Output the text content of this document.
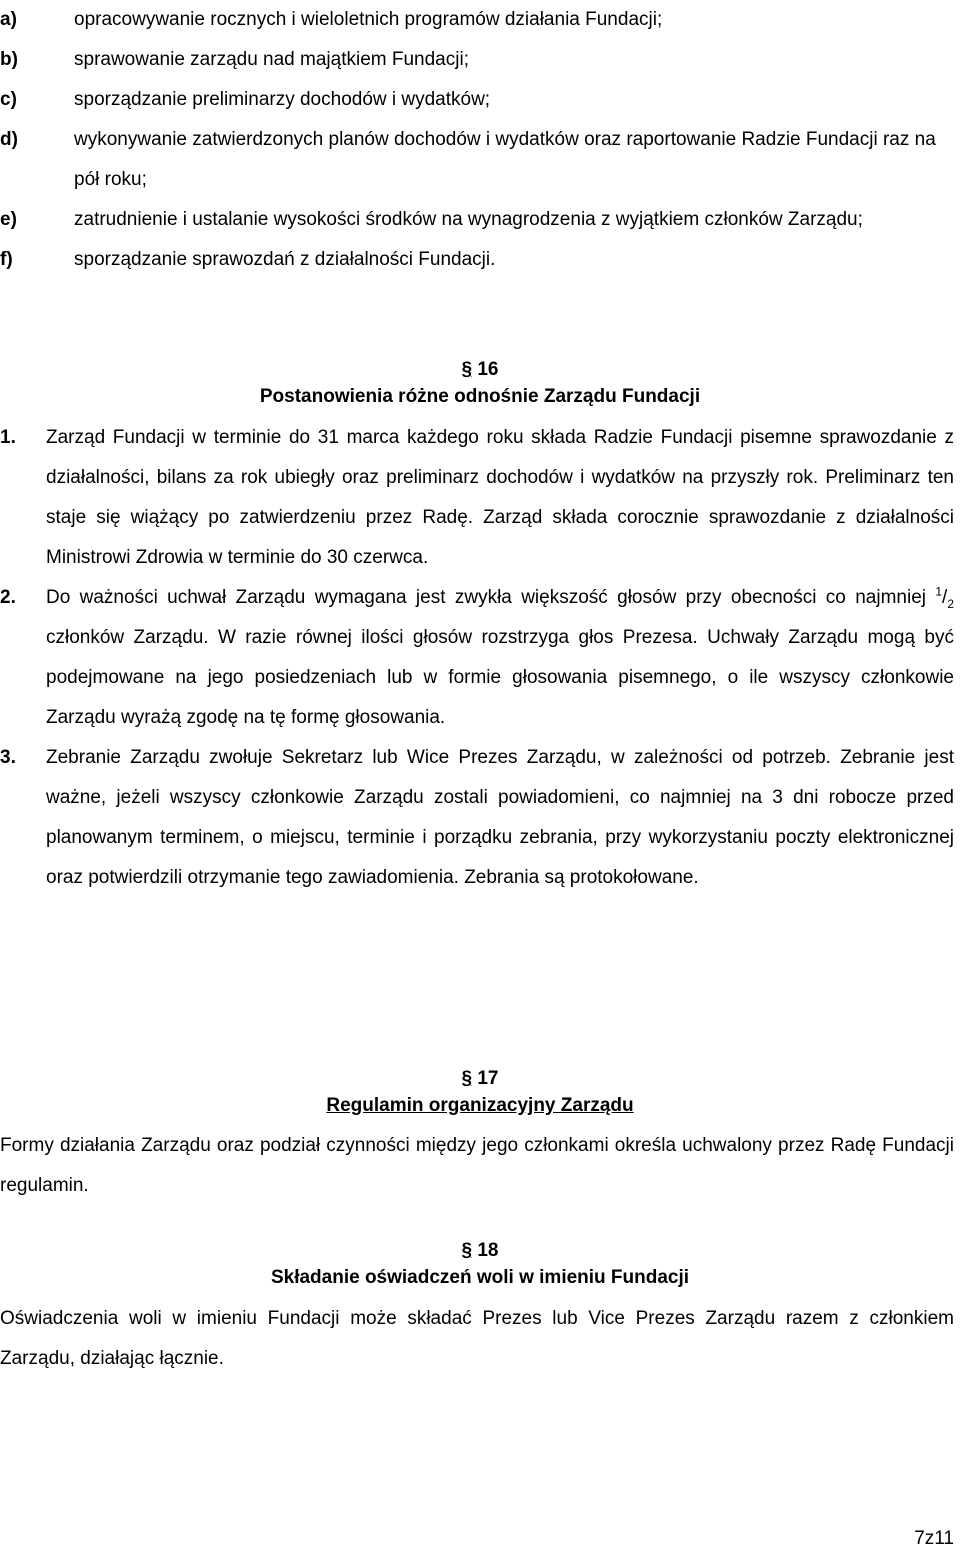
a)	opracowywanie rocznych i wieloletnich programów działania Fundacji;
b)	sprawowanie zarządu nad majątkiem Fundacji;
c)	sporządzanie preliminarzy dochodów i wydatków;
d)	wykonywanie zatwierdzonych planów dochodów i wydatków oraz raportowanie Radzie Fundacji raz na pół roku;
e)	zatrudnienie i ustalanie wysokości środków na wynagrodzenia z wyjątkiem członków Zarządu;
f)	sporządzanie sprawozdań z działalności Fundacji.
§ 16
Postanowienia różne odnośnie Zarządu Fundacji
1. Zarząd Fundacji w terminie do 31 marca każdego roku składa Radzie Fundacji pisemne sprawozdanie z działalności, bilans za rok ubiegły oraz preliminarz dochodów i wydatków na przyszły rok. Preliminarz ten staje się wiążący po zatwierdzeniu przez Radę. Zarząd składa corocznie sprawozdanie z działalności Ministrowi Zdrowia w terminie do 30 czerwca.
2. Do ważności uchwał Zarządu wymagana jest zwykła większość głosów przy obecności co najmniej $^1/_2$ członków Zarządu. W razie równej ilości głosów rozstrzyga głos Prezesa. Uchwały Zarządu mogą być podejmowane na jego posiedzeniach lub w formie głosowania pisemnego, o ile wszyscy członkowie Zarządu wyrażą zgodę na tę formę głosowania.
3. Zebranie Zarządu zwołuje Sekretarz lub Wice Prezes Zarządu, w zależności od potrzeb. Zebranie jest ważne, jeżeli wszyscy członkowie Zarządu zostali powiadomieni, co najmniej na 3 dni robocze przed planowanym terminem, o miejscu, terminie i porządku zebrania, przy wykorzystaniu poczty elektronicznej oraz potwierdzili otrzymanie tego zawiadomienia. Zebrania są protokołowane.
§ 17
Regulamin organizacyjny Zarządu
Formy działania Zarządu oraz podział czynności między jego członkami określa uchwalony przez Radę Fundacji regulamin.
§ 18
Składanie oświadczeń woli w imieniu Fundacji
Oświadczenia woli w imieniu Fundacji może składać Prezes lub Vice Prezes Zarządu razem z członkiem Zarządu, działając łącznie.
7z11
